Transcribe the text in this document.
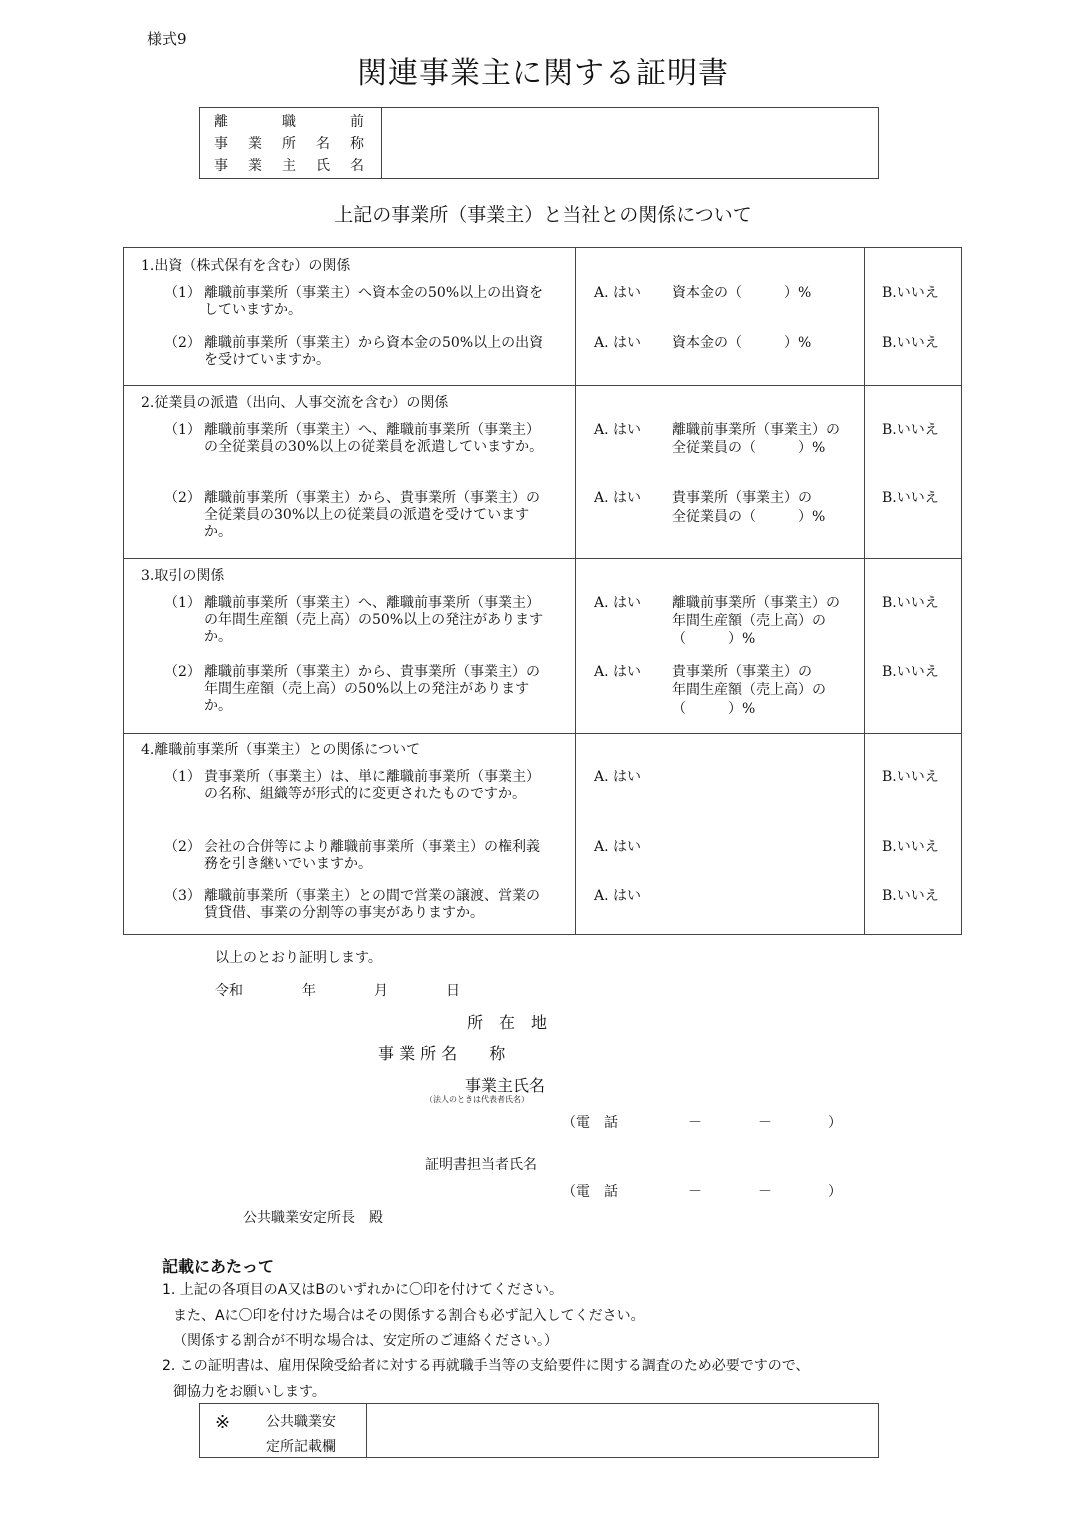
様式9
関連事業主に関する証明書
離	職	前
事 業 所 名 称
事 業 主 氏 名
上記の事業所（事業主）と当社との関係について
1.出資（株式保有を含む）の関係
（1） 離職前事業所（事業主）へ資本金の50%以上の出資をしていますか。
A. はい 資本金の（　　　）%	B.いいえ
（2） 離職前事業所（事業主）から資本金の50%以上の出資を受けていますか。
A. はい 資本金の（　　　）%	B.いいえ
2.従業員の派遣（出向、人事交流を含む）の関係
（1） 離職前事業所（事業主）へ、離職前事業所（事業主）の全従業員の30%以上の従業員を派遣していますか。
A. はい 離職前事業所（事業主）の
全従業員の（　　　）%
B.いいえ
（2） 離職前事業所（事業主）から、貴事業所（事業主）の全従業員の30%以上の従業員の派遣を受けていますか。
A. はい 貴事業所（事業主）の
全従業員の（　　　）%
B.いいえ
3.取引の関係
（1） 離職前事業所（事業主）へ、離職前事業所（事業主）の年間生産額（売上高）の50%以上の発注がありますか。
A. はい 離職前事業所（事業主）の
年間生産額（売上高）の
（　　　）%
B.いいえ
（2） 離職前事業所（事業主）から、貴事業所（事業主）の年間生産額（売上高）の50%以上の発注がありますか。
A. はい 貴事業所（事業主）の
年間生産額（売上高）の
（　　　）%
B.いいえ
4.離職前事業所（事業主）との関係について
（1） 貴事業所（事業主）は、単に離職前事業所（事業主）の名称、組織等が形式的に変更されたものですか。
A. はい	B.いいえ
（2） 会社の合併等により離職前事業所（事業主）の権利義務を引き継いでいますか。
A. はい	B.いいえ
（3） 離職前事業所（事業主）との間で営業の譲渡、営業の賃貸借、事業の分割等の事実がありますか。
A. はい	B.いいえ
以上のとおり証明します。
令和	年	月	日
所　在　地
事 業 所 名　　称
事業主氏名
（法人のときは代表者氏名）
（電　話　　　　　－　　　　－　　　　）
証明書担当者氏名
（電　話　　　　　－　　　　－　　　　）
公共職業安定所長　殿
記載にあたって
1. 上記の各項目のA又はBのいずれかに〇印を付けてください。
また、Aに〇印を付けた場合はその関係する割合も必ず記入してください。
（関係する割合が不明な場合は、安定所のご連絡ください。）
2. この証明書は、雇用保険受給者に対する再就職手当等の支給要件に関する調査のため必要ですので、
御協力をお願いします。
※	公共職業安
定所記載欄
